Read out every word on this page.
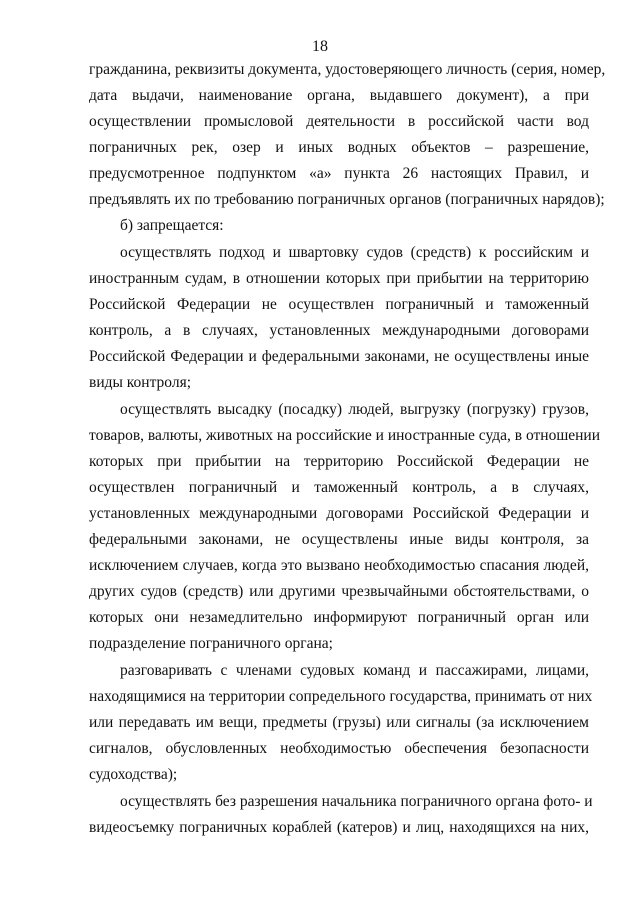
18
гражданина, реквизиты документа, удостоверяющего личность (серия, номер,
дата выдачи, наименование органа, выдавшего документ), а при
осуществлении промысловой деятельности в российской части вод
пограничных рек, озер и иных водных объектов – разрешение,
предусмотренное подпунктом «а» пункта 26 настоящих Правил, и
предъявлять их по требованию пограничных органов (пограничных нарядов);
б) запрещается:
осуществлять подход и швартовку судов (средств) к российским и
иностранным судам, в отношении которых при прибытии на территорию
Российской Федерации не осуществлен пограничный и таможенный
контроль, а в случаях, установленных международными договорами
Российской Федерации и федеральными законами, не осуществлены иные
виды контроля;
осуществлять высадку (посадку) людей, выгрузку (погрузку) грузов,
товаров, валюты, животных на российские и иностранные суда, в отношении
которых при прибытии на территорию Российской Федерации не
осуществлен пограничный и таможенный контроль, а в случаях,
установленных международными договорами Российской Федерации и
федеральными законами, не осуществлены иные виды контроля, за
исключением случаев, когда это вызвано необходимостью спасания людей,
других судов (средств) или другими чрезвычайными обстоятельствами, о
которых они незамедлительно информируют пограничный орган или
подразделение пограничного органа;
разговаривать с членами судовых команд и пассажирами, лицами,
находящимися на территории сопредельного государства, принимать от них
или передавать им вещи, предметы (грузы) или сигналы (за исключением
сигналов, обусловленных необходимостью обеспечения безопасности
судоходства);
осуществлять без разрешения начальника пограничного органа фото- и
видеосъемку пограничных кораблей (катеров) и лиц, находящихся на них,
